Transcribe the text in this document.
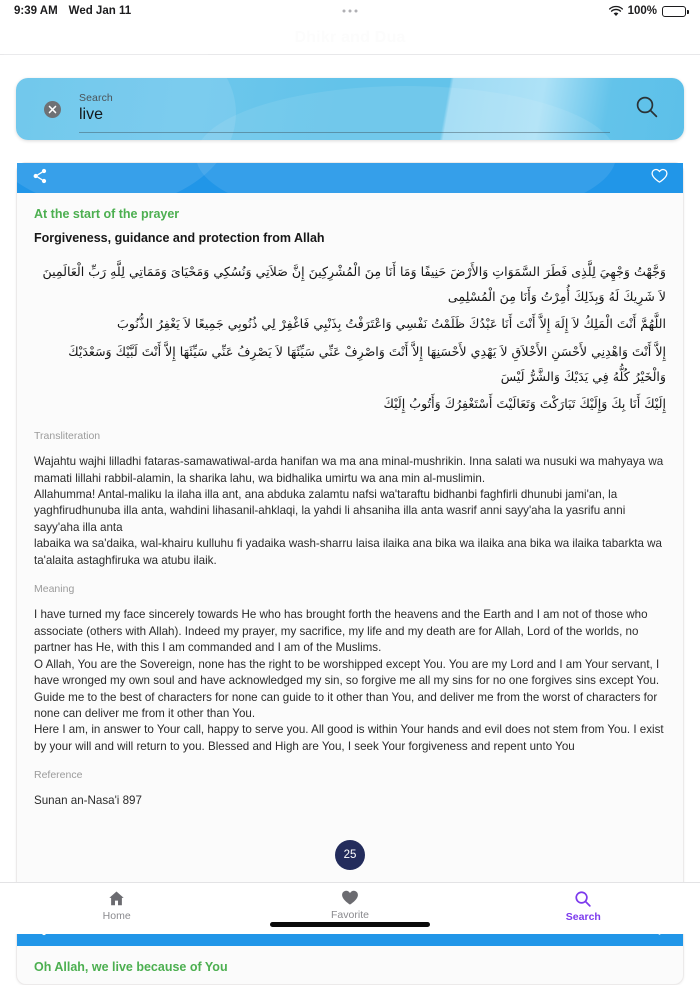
9:39 AM Wed Jan 11	100%
Dhikr and Dua
Search
live
At the start of the prayer
Forgiveness, guidance and protection from Allah

وَجَّهْتُ وَجْهِيَ لِلَّذِى فَطَرَ السَّمَوَاتِ وَالأَرْضَ حَنِيفًا وَمَا أَنَا مِنَ الْمُشْرِكِينَ إِنَّ صَلاَتِي وَنُسُكِي وَمَحْيَاىَ وَمَمَاتِي لِلَّهِ رَبِّ الْعَالَمِينَ لاَ شَرِيكَ لَهُ وَبِذَلِكَ أُمِرْتُ وَأَنَا مِنَ الْمُسْلِمِى

اللَّهُمَّ أَنْتَ الْمَلِكُ لاَ إِلَهَ إِلاَّ أَنْتَ أَنَا عَبْدُكَ ظَلَمْتُ نَفْسِي وَاعْتَرَفْتُ بِذَنْبِي فَاغْفِرْ لِي ذُنُوبِي جَمِيعًا لاَ يَغْفِرُ الذُّنُوبَ

إِلاَّ أَنْتَ وَاهْدِنِي لأَحْسَنِ الأَخْلاَقِ لاَ يَهْدِي لأَحْسَنِهَا إِلاَّ أَنْتَ وَاصْرِفْ عَنِّي سَيِّئَهَا لاَ يَصْرِفُ عَنِّي سَيِّئَهَا إِلاَّ أَنْتَ لَبَّيْكَ وَسَعْدَيْكَ وَالْخَيْرُ كُلُّهُ فِي يَدَيْكَ وَالشَّرُّ لَيْسَ

إِلَيْكَ أَنَا بِكَ وَإِلَيْكَ تَبَارَكْتَ وَتَعَالَيْتَ أَسْتَغْفِرُكَ وَأَتُوبُ إِلَيْكَ

Transliteration

Wajahtu wajhi lilladhi fataras-samawatiwal-arda hanifan wa ma ana minal-mushrikin. Inna salati wa nusuki wa mahyaya wa mamati lillahi rabbil-alamin, la sharika lahu, wa bidhalika umirtu wa ana min al-muslimin.

Allahumma! Antal-maliku la ilaha illa ant, ana abduka zalamtu nafsi wa'taraftu bidhanbi faghfirli dhunubi jami'an, la yaghfirudhunuba illa anta, wahdini lihasanil-ahklaqi, la yahdi li ahsaniha illa anta wasrif anni sayy'aha la yasrifu anni sayy'aha illa anta

labaika wa sa'daika, wal-khairu kulluhu fi yadaika wash-sharru laisa ilaika ana bika wa ilaika ana bika wa ilaika tabarkta wa ta'alaita astaghfiruka wa atubu ilaik.

Meaning

I have turned my face sincerely towards He who has brought forth the heavens and the Earth and I am not of those who associate (others with Allah). Indeed my prayer, my sacrifice, my life and my death are for Allah, Lord of the worlds, no partner has He, with this I am commanded and I am of the Muslims.

O Allah, You are the Sovereign, none has the right to be worshipped except You. You are my Lord and I am Your servant, I have wronged my own soul and have acknowledged my sin, so forgive me all my sins for no one forgives sins except You. Guide me to the best of characters for none can guide to it other than You, and deliver me from the worst of characters for none can deliver me from it other than You.

Here I am, in answer to Your call, happy to serve you. All good is within Your hands and evil does not stem from You. I exist by your will and will return to you. Blessed and High are You, I seek Your forgiveness and repent unto You

Reference
Sunan an-Nasa'i 897
25
Oh Allah, we live because of You
Home	Favorite	Search
